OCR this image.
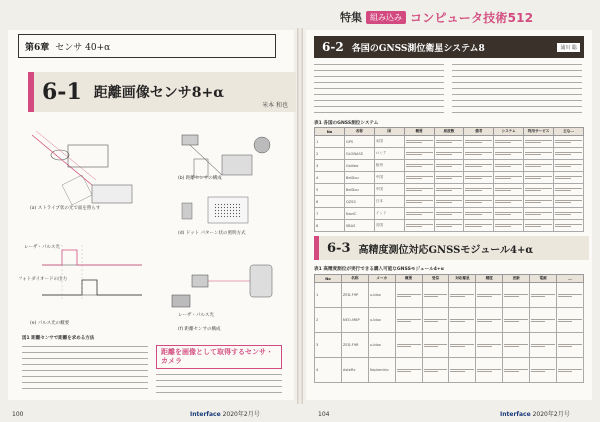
特集	組み込み コンピュータ技術512
第6章 センサ 40+α
6-1 距離画像センサ8+α
米本 和也
(a) ストライプ状の光で面を照らす
(b) 距離センサの構成
(d) ドット パターン状の照明方式
レーザ・パルス光
フォトダイオードの出力
(e) パルス光の概要
レーザ・パルス光
(f) 距離センサの構成
図1 距離センサで距離を求める方法
距離を画像として取得するセンサ・カメラ
100	Interface 2020年2月号
6-2 各国のGNSS測位衛星システム8	浦川 聡
表1 各国のGNSS測位システム
No	名称	国	概要	周波数	備考	システム	利用サービス	主な…
1	GPS	米国	

2	GLONASS	ロシア	

3	Galileo	欧州	

4	BeiDou	中国	

5	BeiDou	中国	

6	QZSS	日本	

7	NavIC	インド	

8	SBAS	各国	

6-3 高精度測位対応GNSSモジュール4+α
表1 高精度測位が実行できる購入可能なGNSSモジュール4+α
No	名称	メーカ	概要	受信	対応衛星	精度	更新	電源	…
1	ZED-F9P	u-blox	

2	NEO-M8P	u-blox	

3	ZED-F9R	u-blox	

4	AsteRx	Septentrio	

104	Interface 2020年2月号
